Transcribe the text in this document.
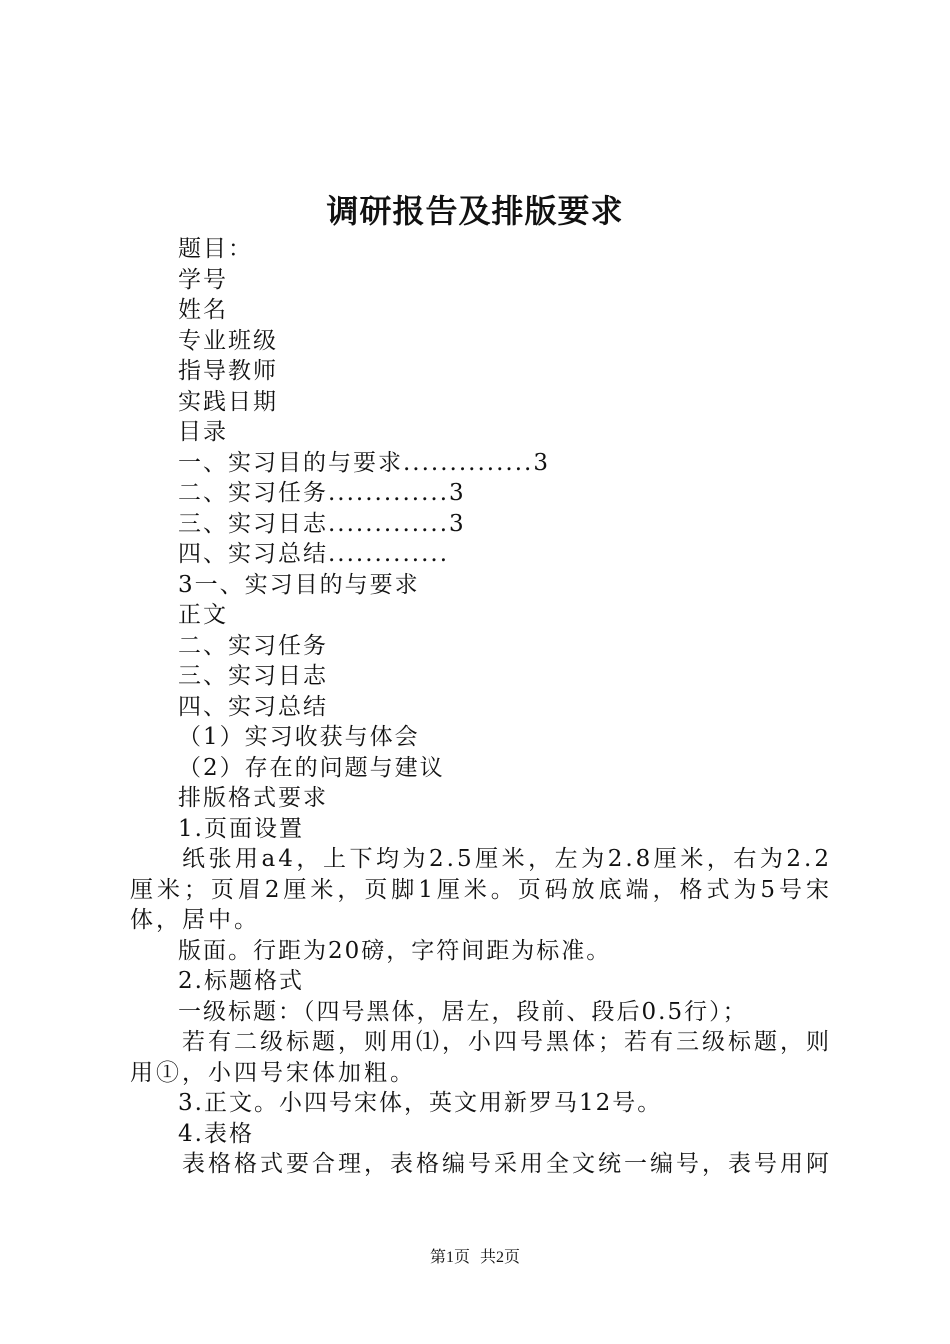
调研报告及排版要求
题目：
学号
姓名
专业班级
指导教师
实践日期
目录
一、实习目的与要求..............3
二、实习任务.............3
三、实习日志.............3
四、实习总结.............
3一、实习目的与要求
正文
二、实习任务
三、实习日志
四、实习总结
（1）实习收获与体会
（2）存在的问题与建议
排版格式要求
1.页面设置
纸张用a4，上下均为2.5厘米，左为2.8厘米，右为2.2厘米；页眉2厘米，页脚1厘米。页码放底端，格式为5号宋体，居中。
版面。行距为20磅，字符间距为标准。
2.标题格式
一级标题：（四号黑体，居左，段前、段后0.5行）；
若有二级标题，则用⑴，小四号黑体；若有三级标题，则用①，小四号宋体加粗。
3.正文。小四号宋体，英文用新罗马12号。
4.表格
表格格式要合理，表格编号采用全文统一编号，表号用阿
第1页 共2页
